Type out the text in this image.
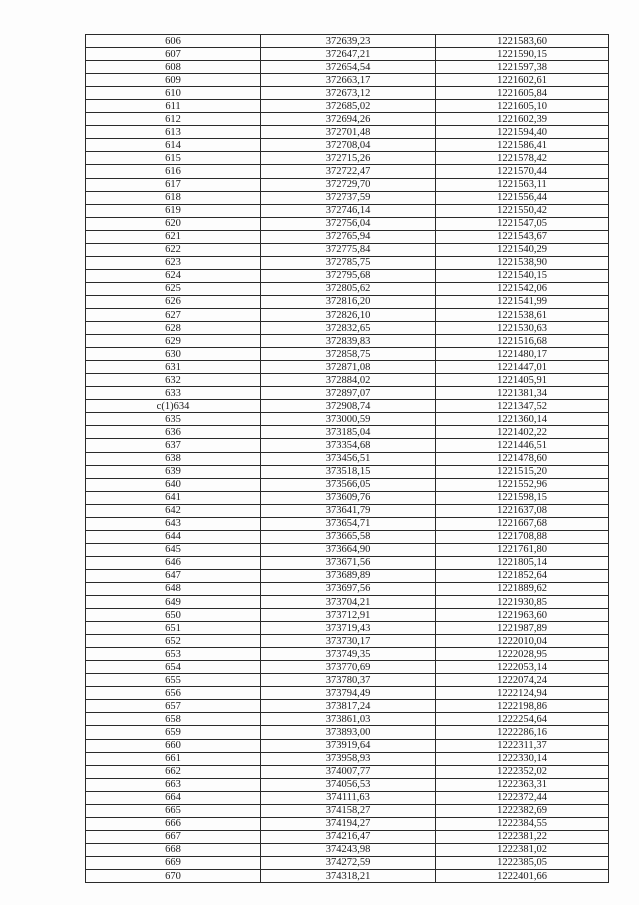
606	372639,23	1221583,60
607	372647,21	1221590,15
608	372654,54	1221597,38
609	372663,17	1221602,61
610	372673,12	1221605,84
611	372685,02	1221605,10
612	372694,26	1221602,39
613	372701,48	1221594,40
614	372708,04	1221586,41
615	372715,26	1221578,42
616	372722,47	1221570,44
617	372729,70	1221563,11
618	372737,59	1221556,44
619	372746,14	1221550,42
620	372756,04	1221547,05
621	372765,94	1221543,67
622	372775,84	1221540,29
623	372785,75	1221538,90
624	372795,68	1221540,15
625	372805,62	1221542,06
626	372816,20	1221541,99
627	372826,10	1221538,61
628	372832,65	1221530,63
629	372839,83	1221516,68
630	372858,75	1221480,17
631	372871,08	1221447,01
632	372884,02	1221405,91
633	372897,07	1221381,34
с(1)634	372908,74	1221347,52
635	373000,59	1221360,14
636	373185,04	1221402,22
637	373354,68	1221446,51
638	373456,51	1221478,60
639	373518,15	1221515,20
640	373566,05	1221552,96
641	373609,76	1221598,15
642	373641,79	1221637,08
643	373654,71	1221667,68
644	373665,58	1221708,88
645	373664,90	1221761,80
646	373671,56	1221805,14
647	373689,89	1221852,64
648	373697,56	1221889,62
649	373704,21	1221930,85
650	373712,91	1221963,60
651	373719,43	1221987,89
652	373730,17	1222010,04
653	373749,35	1222028,95
654	373770,69	1222053,14
655	373780,37	1222074,24
656	373794,49	1222124,94
657	373817,24	1222198,86
658	373861,03	1222254,64
659	373893,00	1222286,16
660	373919,64	1222311,37
661	373958,93	1222330,14
662	374007,77	1222352,02
663	374056,53	1222363,31
664	374111,63	1222372,44
665	374158,27	1222382,69
666	374194,27	1222384,55
667	374216,47	1222381,22
668	374243,98	1222381,02
669	374272,59	1222385,05
670	374318,21	1222401,66
